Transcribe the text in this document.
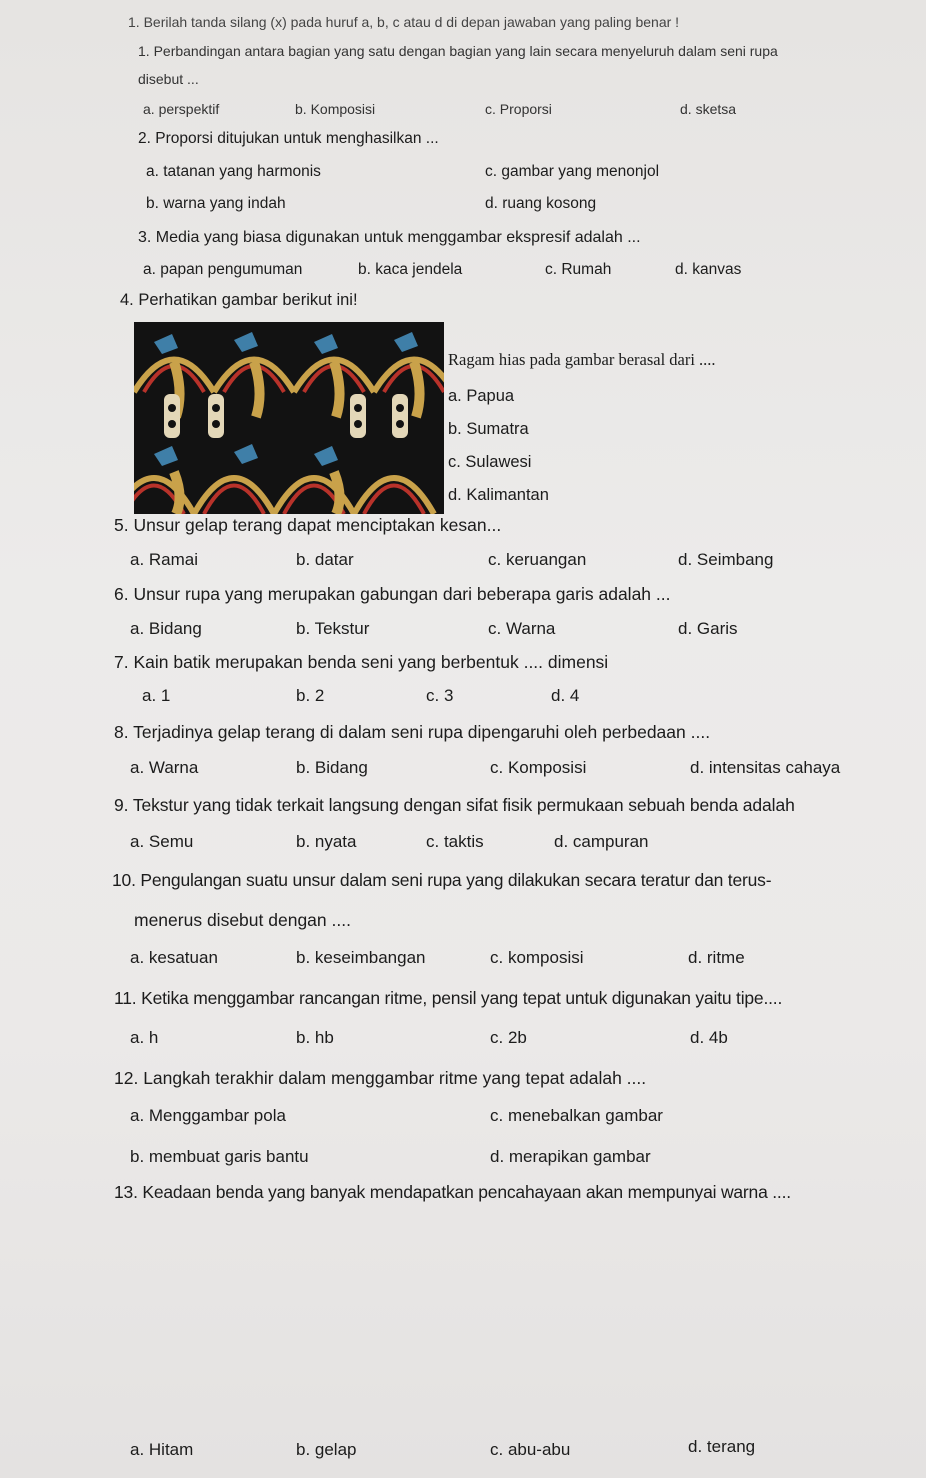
1. Berilah tanda silang (x) pada huruf a, b, c atau d di depan jawaban yang paling benar !
1. Perbandingan antara bagian yang satu dengan bagian yang lain secara menyeluruh dalam seni rupa
disebut ...
a. perspektif	b. Komposisi	c. Proporsi	d. sketsa
2. Proporsi ditujukan untuk menghasilkan ...
a. tatanan yang harmonis	c. gambar yang menonjol
b. warna yang indah	d. ruang kosong
3. Media yang biasa digunakan untuk menggambar ekspresif adalah ...
a. papan pengumuman	b. kaca jendela	c. Rumah	d. kanvas
4. Perhatikan gambar berikut ini!
Ragam hias pada gambar berasal dari ....
a. Papua
b. Sumatra
c. Sulawesi
d. Kalimantan
5. Unsur gelap terang dapat menciptakan kesan...
a. Ramai	b. datar	c. keruangan	d. Seimbang
6. Unsur rupa yang merupakan gabungan dari beberapa garis adalah ...
a. Bidang	b. Tekstur	c. Warna	d. Garis
7. Kain batik merupakan benda seni yang berbentuk .... dimensi
a. 1	b. 2	c. 3	d. 4
8. Terjadinya gelap terang di dalam seni rupa dipengaruhi oleh perbedaan ....
a. Warna	b. Bidang	c. Komposisi	d. intensitas cahaya
9. Tekstur yang tidak terkait langsung dengan sifat fisik permukaan sebuah benda adalah
a. Semu	b. nyata	c. taktis	d. campuran
10. Pengulangan suatu unsur dalam seni rupa yang dilakukan secara teratur dan terus-
menerus disebut dengan ....
a. kesatuan	b. keseimbangan	c. komposisi	d. ritme
11. Ketika menggambar rancangan ritme, pensil yang tepat untuk digunakan yaitu tipe....
a. h	b. hb	c. 2b	d. 4b
12. Langkah terakhir dalam menggambar ritme yang tepat adalah ....
a. Menggambar pola	c. menebalkan gambar
b. membuat garis bantu	d. merapikan gambar
13. Keadaan benda yang banyak mendapatkan pencahayaan akan mempunyai warna ....
a. Hitam	b. gelap	c. abu-abu	d. terang
